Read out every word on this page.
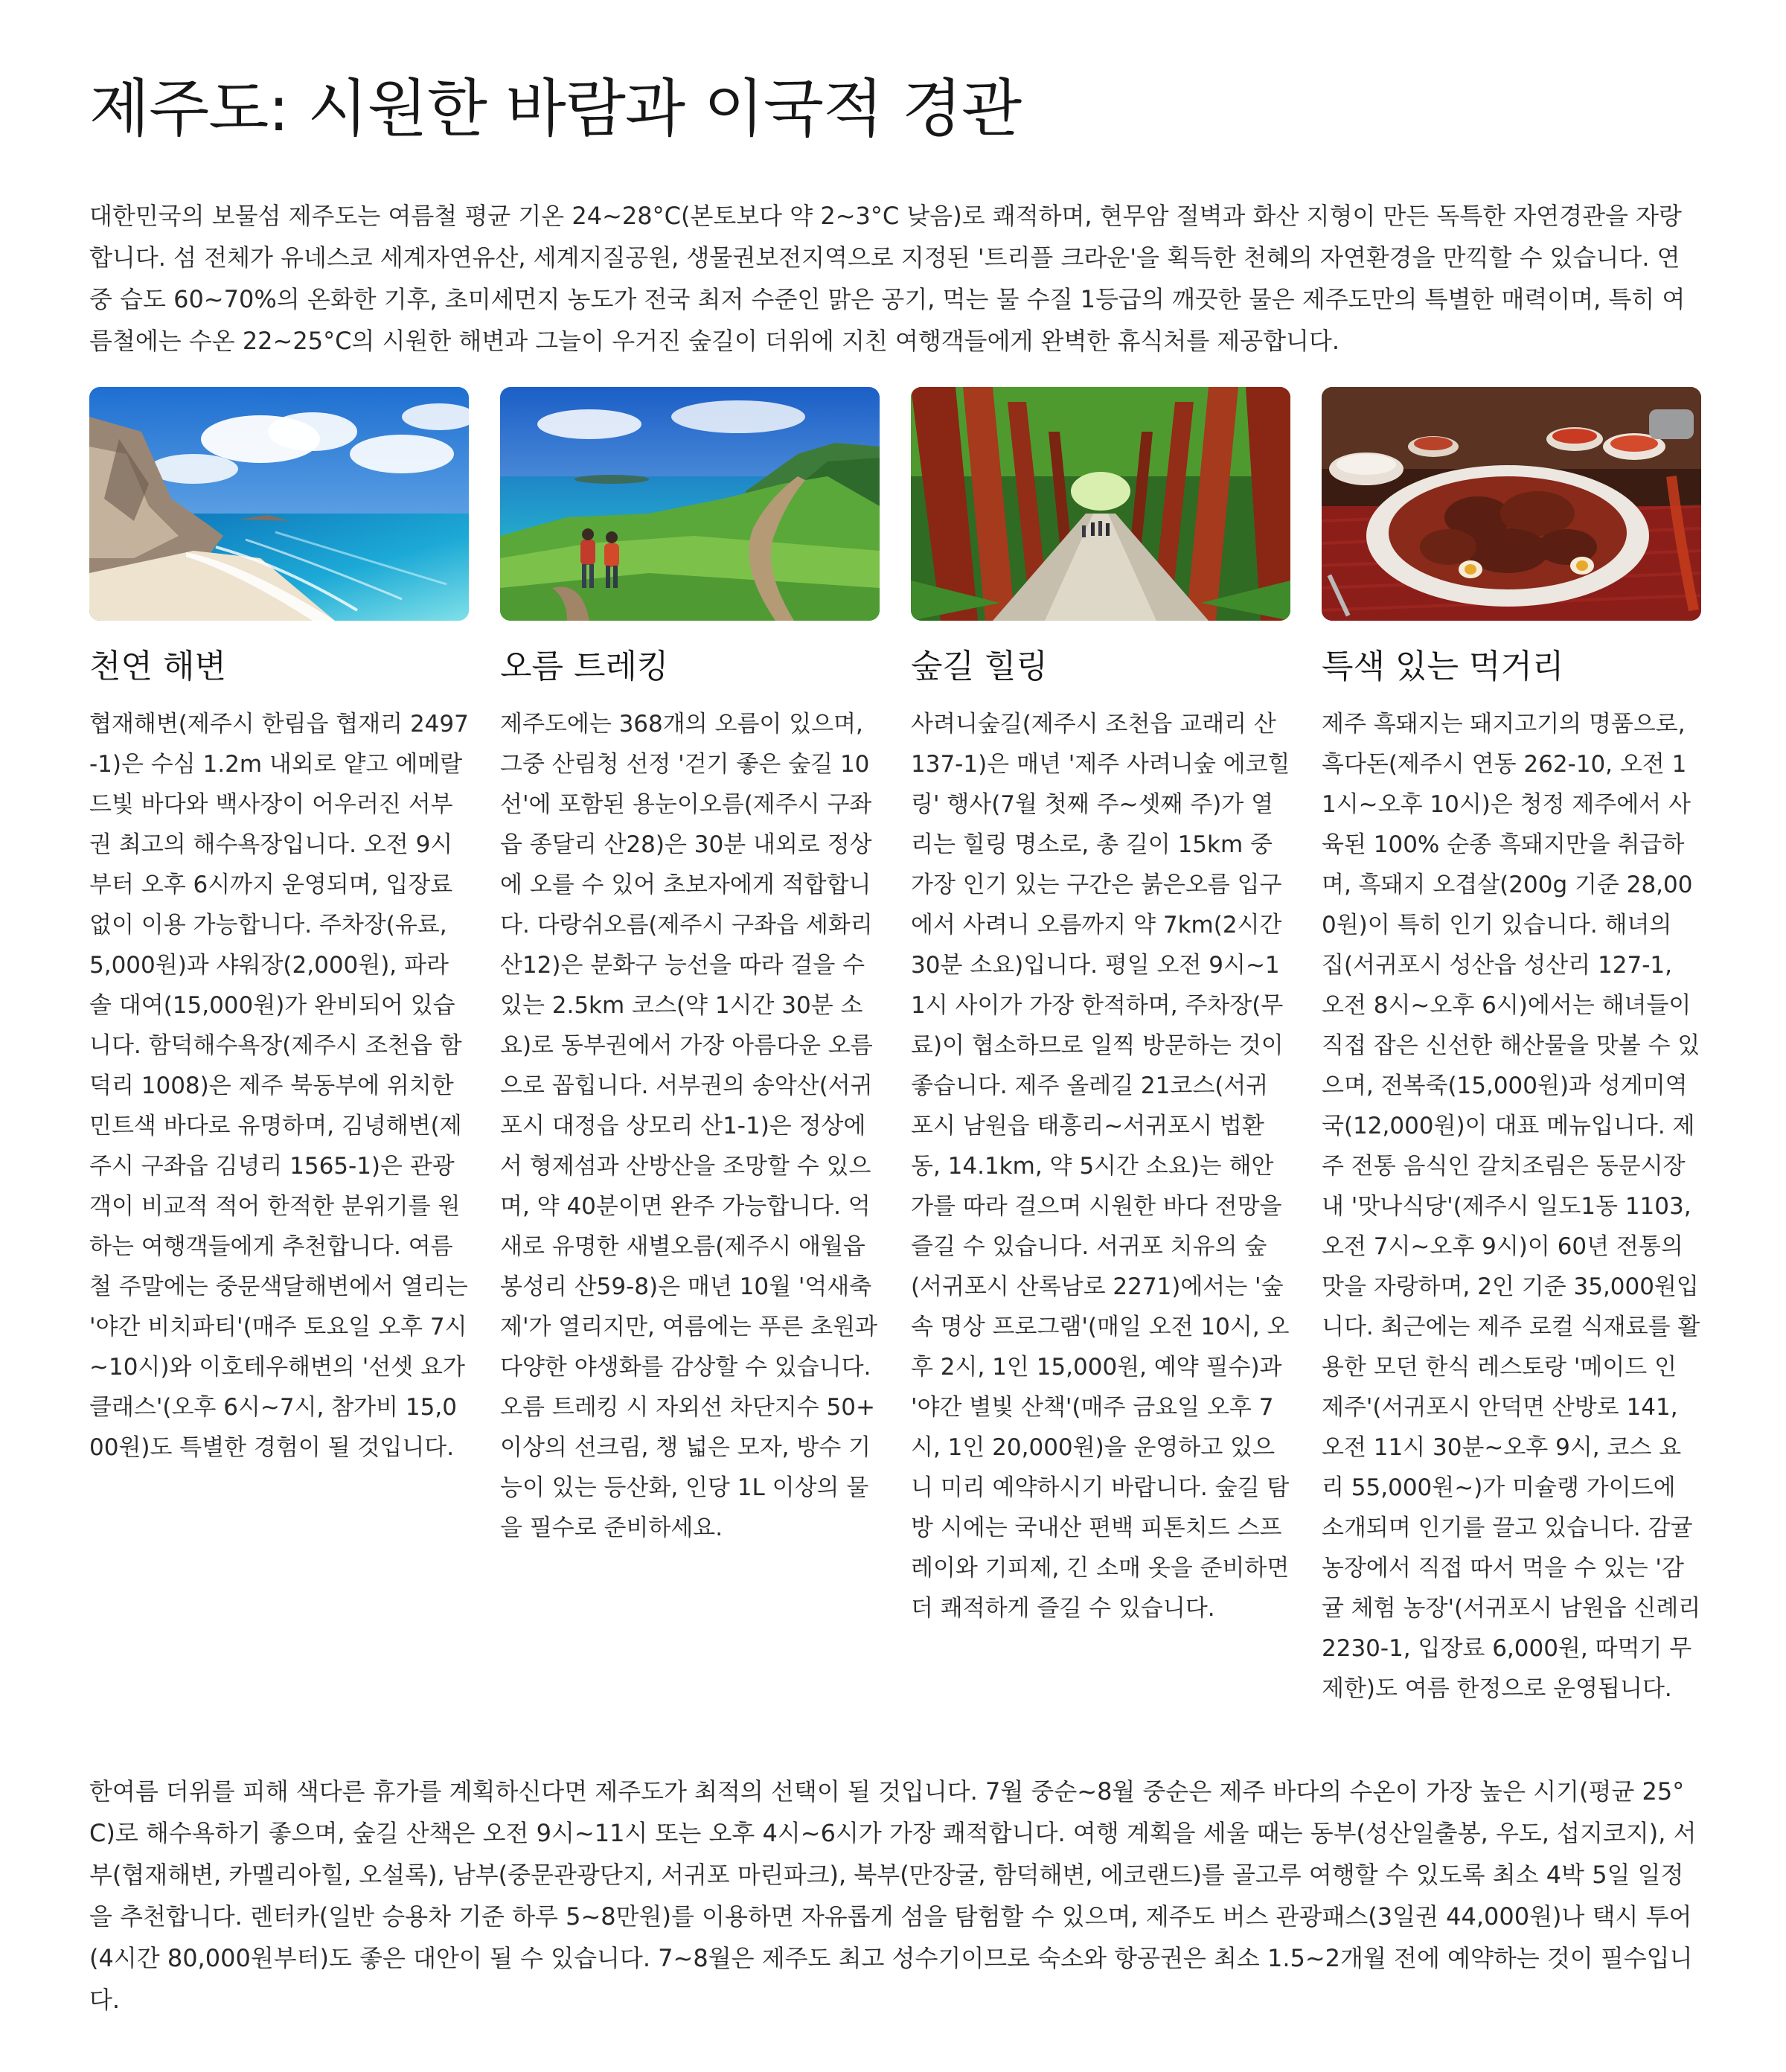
제주도: 시원한 바람과 이국적 경관

대한민국의 보물섬 제주도는 여름철 평균 기온 24~28°C(본토보다 약 2~3°C 낮음)로 쾌적하며, 현무암 절벽과 화산 지형이 만든 독특한 자연경관을 자랑합니다. 섬 전체가 유네스코 세계자연유산, 세계지질공원, 생물권보전지역으로 지정된 '트리플 크라운'을 획득한 천혜의 자연환경을 만끽할 수 있습니다. 연중 습도 60~70%의 온화한 기후, 초미세먼지 농도가 전국 최저 수준인 맑은 공기, 먹는 물 수질 1등급의 깨끗한 물은 제주도만의 특별한 매력이며, 특히 여름철에는 수온 22~25°C의 시원한 해변과 그늘이 우거진 숲길이 더위에 지친 여행객들에게 완벽한 휴식처를 제공합니다.

천연 해변

협재해변(제주시 한림읍 협재리 2497-1)은 수심 1.2m 내외로 얕고 에메랄드빛 바다와 백사장이 어우러진 서부권 최고의 해수욕장입니다. 오전 9시부터 오후 6시까지 운영되며, 입장료 없이 이용 가능합니다. 주차장(유료, 5,000원)과 샤워장(2,000원), 파라솔 대여(15,000원)가 완비되어 있습니다. 함덕해수욕장(제주시 조천읍 함덕리 1008)은 제주 북동부에 위치한 민트색 바다로 유명하며, 김녕해변(제주시 구좌읍 김녕리 1565-1)은 관광객이 비교적 적어 한적한 분위기를 원하는 여행객들에게 추천합니다. 여름철 주말에는 중문색달해변에서 열리는 '야간 비치파티'(매주 토요일 오후 7시~10시)와 이호테우해변의 '선셋 요가 클래스'(오후 6시~7시, 참가비 15,000원)도 특별한 경험이 될 것입니다.

오름 트레킹

제주도에는 368개의 오름이 있으며, 그중 산림청 선정 '걷기 좋은 숲길 10선'에 포함된 용눈이오름(제주시 구좌읍 종달리 산28)은 30분 내외로 정상에 오를 수 있어 초보자에게 적합합니다. 다랑쉬오름(제주시 구좌읍 세화리 산12)은 분화구 능선을 따라 걸을 수 있는 2.5km 코스(약 1시간 30분 소요)로 동부권에서 가장 아름다운 오름으로 꼽힙니다. 서부권의 송악산(서귀포시 대정읍 상모리 산1-1)은 정상에서 형제섬과 산방산을 조망할 수 있으며, 약 40분이면 완주 가능합니다. 억새로 유명한 새별오름(제주시 애월읍 봉성리 산59-8)은 매년 10월 '억새축제'가 열리지만, 여름에는 푸른 초원과 다양한 야생화를 감상할 수 있습니다. 오름 트레킹 시 자외선 차단지수 50+ 이상의 선크림, 챙 넓은 모자, 방수 기능이 있는 등산화, 인당 1L 이상의 물을 필수로 준비하세요.

숲길 힐링

사려니숲길(제주시 조천읍 교래리 산 137-1)은 매년 '제주 사려니숲 에코힐링' 행사(7월 첫째 주~셋째 주)가 열리는 힐링 명소로, 총 길이 15km 중 가장 인기 있는 구간은 붉은오름 입구에서 사려니 오름까지 약 7km(2시간 30분 소요)입니다. 평일 오전 9시~11시 사이가 가장 한적하며, 주차장(무료)이 협소하므로 일찍 방문하는 것이 좋습니다. 제주 올레길 21코스(서귀포시 남원읍 태흥리~서귀포시 법환동, 14.1km, 약 5시간 소요)는 해안가를 따라 걸으며 시원한 바다 전망을 즐길 수 있습니다. 서귀포 치유의 숲(서귀포시 산록남로 2271)에서는 '숲 속 명상 프로그램'(매일 오전 10시, 오후 2시, 1인 15,000원, 예약 필수)과 '야간 별빛 산책'(매주 금요일 오후 7시, 1인 20,000원)을 운영하고 있으니 미리 예약하시기 바랍니다. 숲길 탐방 시에는 국내산 편백 피톤치드 스프레이와 기피제, 긴 소매 옷을 준비하면 더 쾌적하게 즐길 수 있습니다.

특색 있는 먹거리

제주 흑돼지는 돼지고기의 명품으로, 흑다돈(제주시 연동 262-10, 오전 11시~오후 10시)은 청정 제주에서 사육된 100% 순종 흑돼지만을 취급하며, 흑돼지 오겹살(200g 기준 28,000원)이 특히 인기 있습니다. 해녀의 집(서귀포시 성산읍 성산리 127-1, 오전 8시~오후 6시)에서는 해녀들이 직접 잡은 신선한 해산물을 맛볼 수 있으며, 전복죽(15,000원)과 성게미역국(12,000원)이 대표 메뉴입니다. 제주 전통 음식인 갈치조림은 동문시장 내 '맛나식당'(제주시 일도1동 1103, 오전 7시~오후 9시)이 60년 전통의 맛을 자랑하며, 2인 기준 35,000원입니다. 최근에는 제주 로컬 식재료를 활용한 모던 한식 레스토랑 '메이드 인 제주'(서귀포시 안덕면 산방로 141, 오전 11시 30분~오후 9시, 코스 요리 55,000원~)가 미슐랭 가이드에 소개되며 인기를 끌고 있습니다. 감귤 농장에서 직접 따서 먹을 수 있는 '감귤 체험 농장'(서귀포시 남원읍 신례리 2230-1, 입장료 6,000원, 따먹기 무제한)도 여름 한정으로 운영됩니다.

한여름 더위를 피해 색다른 휴가를 계획하신다면 제주도가 최적의 선택이 될 것입니다. 7월 중순~8월 중순은 제주 바다의 수온이 가장 높은 시기(평균 25°C)로 해수욕하기 좋으며, 숲길 산책은 오전 9시~11시 또는 오후 4시~6시가 가장 쾌적합니다. 여행 계획을 세울 때는 동부(성산일출봉, 우도, 섭지코지), 서부(협재해변, 카멜리아힐, 오설록), 남부(중문관광단지, 서귀포 마린파크), 북부(만장굴, 함덕해변, 에코랜드)를 골고루 여행할 수 있도록 최소 4박 5일 일정을 추천합니다. 렌터카(일반 승용차 기준 하루 5~8만원)를 이용하면 자유롭게 섬을 탐험할 수 있으며, 제주도 버스 관광패스(3일권 44,000원)나 택시 투어(4시간 80,000원부터)도 좋은 대안이 될 수 있습니다. 7~8월은 제주도 최고 성수기이므로 숙소와 항공권은 최소 1.5~2개월 전에 예약하는 것이 필수입니다.
